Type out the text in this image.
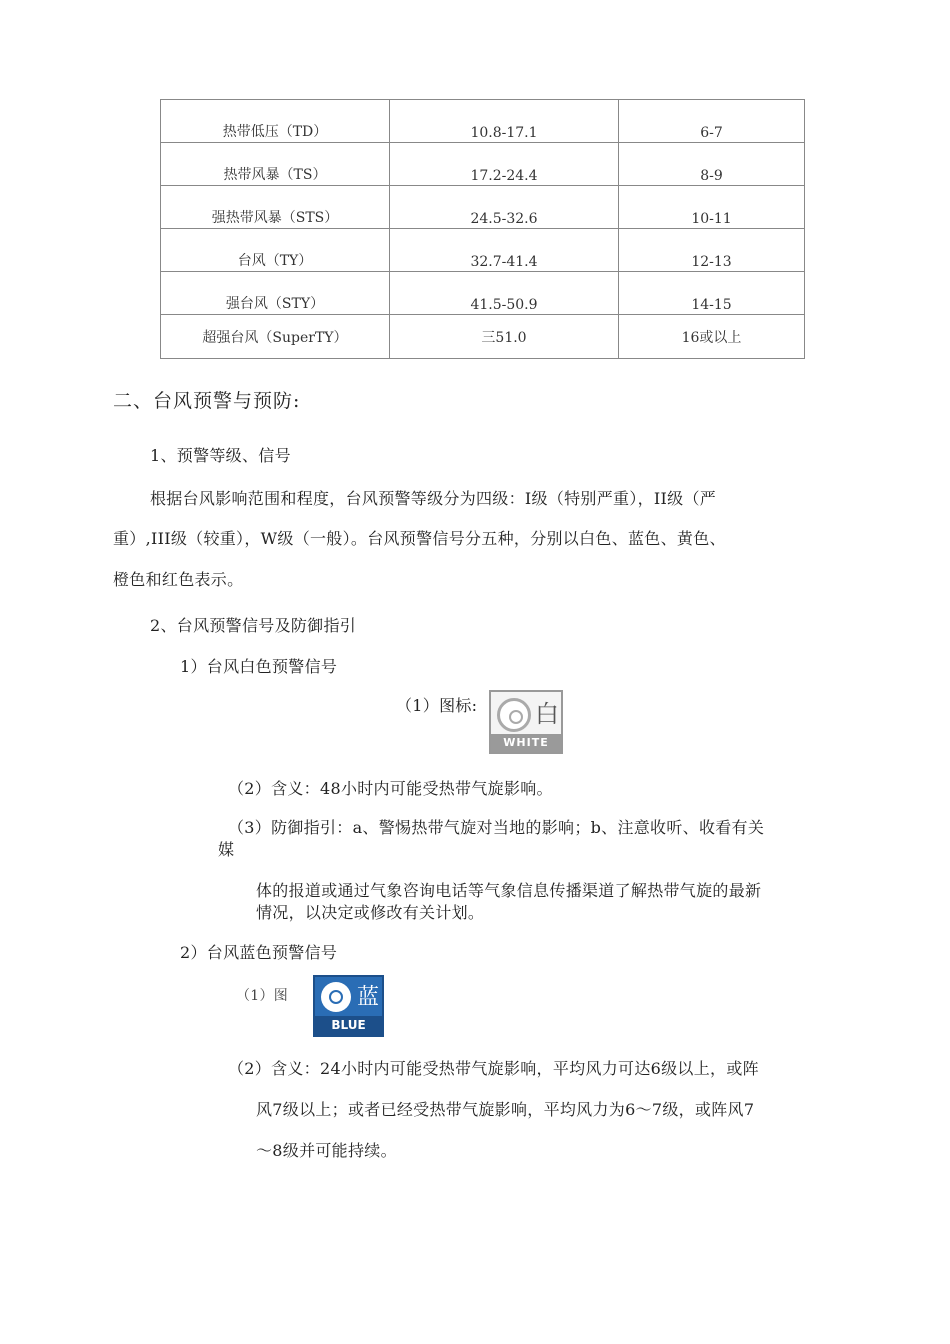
热带低压（TD）	10.8-17.1	6-7
热带风暴（TS）	17.2-24.4	8-9
强热带风暴（STS）	24.5-32.6	10-11
台风（TY）	32.7-41.4	12-13
强台风（STY）	41.5-50.9	14-15
超强台风（SuperTY）	三51.0	16或以上
二、台风预警与预防:
1、预警等级、信号
根据台风影响范围和程度，台风预警等级分为四级：I级（特别严重），II级（严
重）,III级（较重），W级（一般）。台风预警信号分五种，分别以白色、蓝色、黄色、
橙色和红色表示。
2、台风预警信号及防御指引
1）台风白色预警信号
（1）图标: 白
WHITE
（2）含义：48小时内可能受热带气旋影响。
（3）防御指引：a、警惕热带气旋对当地的影响；b、注意收听、收看有关
媒
体的报道或通过气象咨询电话等气象信息传播渠道了解热带气旋的最新
情况，以决定或修改有关计划。
2）台风蓝色预警信号
（1）图	蓝
BLUE
（2）含义：24小时内可能受热带气旋影响，平均风力可达6级以上，或阵
风7级以上；或者已经受热带气旋影响，平均风力为6〜7级，或阵风7
〜8级并可能持续。
